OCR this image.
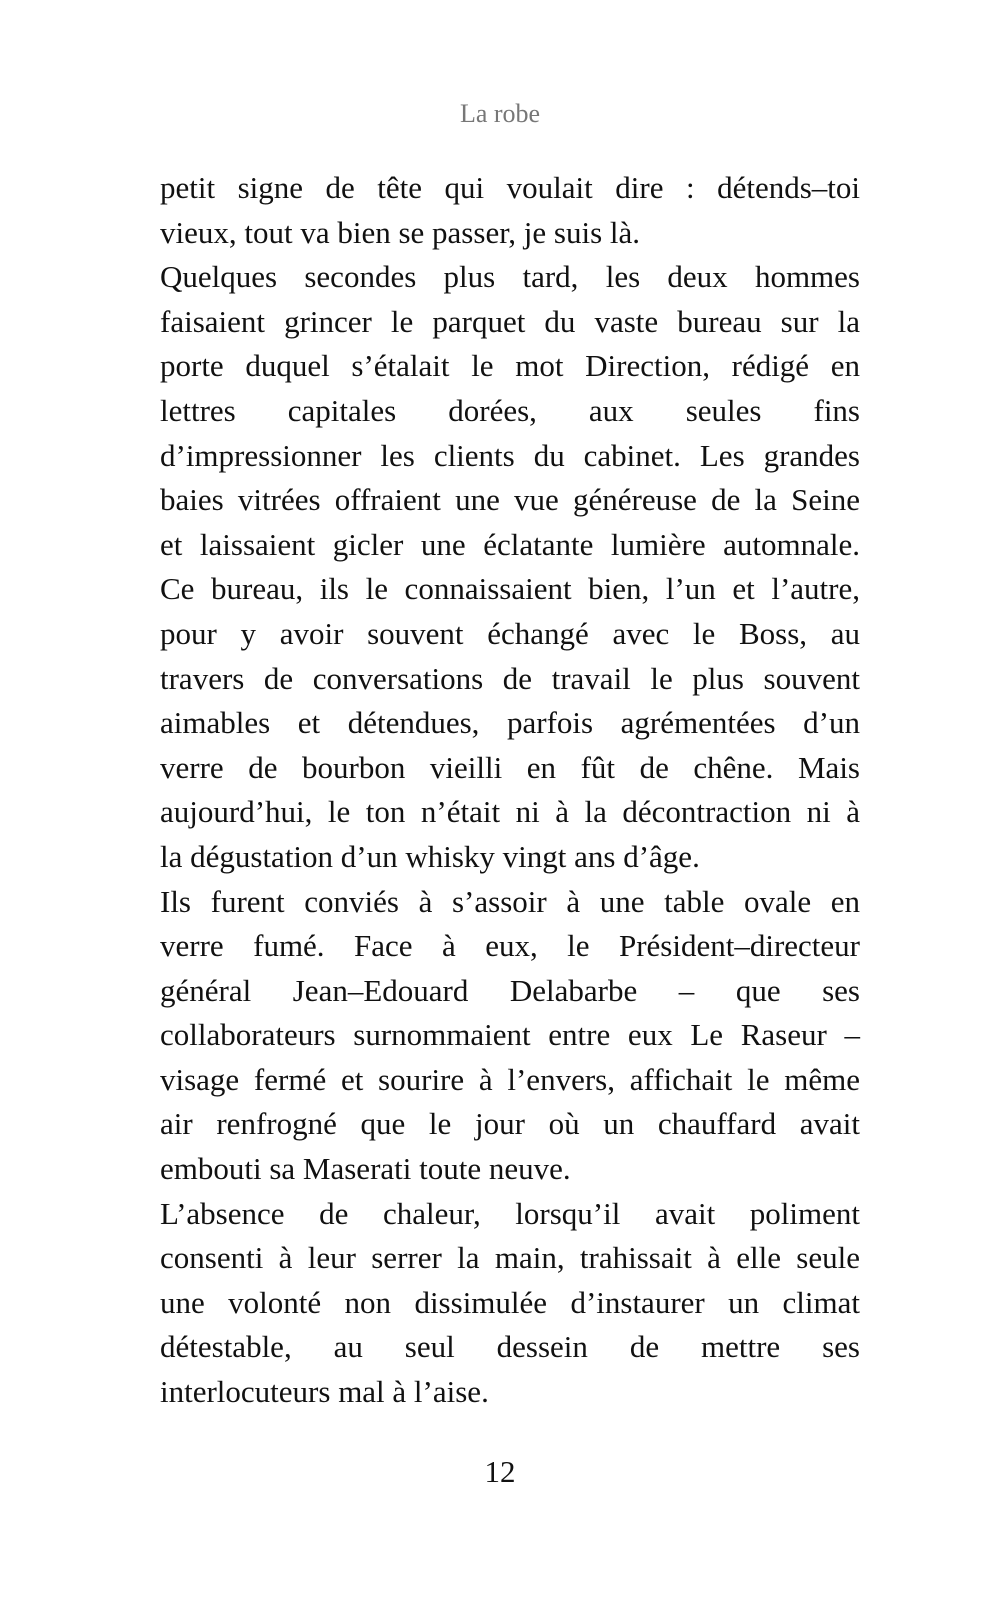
La robe

petit signe de tête qui voulait dire : détends–toi
vieux, tout va bien se passer, je suis là.

Quelques secondes plus tard, les deux hommes
faisaient grincer le parquet du vaste bureau sur la
porte duquel s’étalait le mot Direction, rédigé en
lettres capitales dorées, aux seules fins
d’impressionner les clients du cabinet. Les grandes
baies vitrées offraient une vue généreuse de la Seine
et laissaient gicler une éclatante lumière automnale.
Ce bureau, ils le connaissaient bien, l’un et l’autre,
pour y avoir souvent échangé avec le Boss, au
travers de conversations de travail le plus souvent
aimables et détendues, parfois agrémentées d’un
verre de bourbon vieilli en fût de chêne. Mais
aujourd’hui, le ton n’était ni à la décontraction ni à
la dégustation d’un whisky vingt ans d’âge.

Ils furent conviés à s’assoir à une table ovale en
verre fumé. Face à eux, le Président–directeur
général Jean–Edouard Delabarbe – que ses
collaborateurs surnommaient entre eux Le Raseur –
visage fermé et sourire à l’envers, affichait le même
air renfrogné que le jour où un chauffard avait
embouti sa Maserati toute neuve.

L’absence de chaleur, lorsqu’il avait poliment
consenti à leur serrer la main, trahissait à elle seule
une volonté non dissimulée d’instaurer un climat
détestable, au seul dessein de mettre ses
interlocuteurs mal à l’aise.

12
